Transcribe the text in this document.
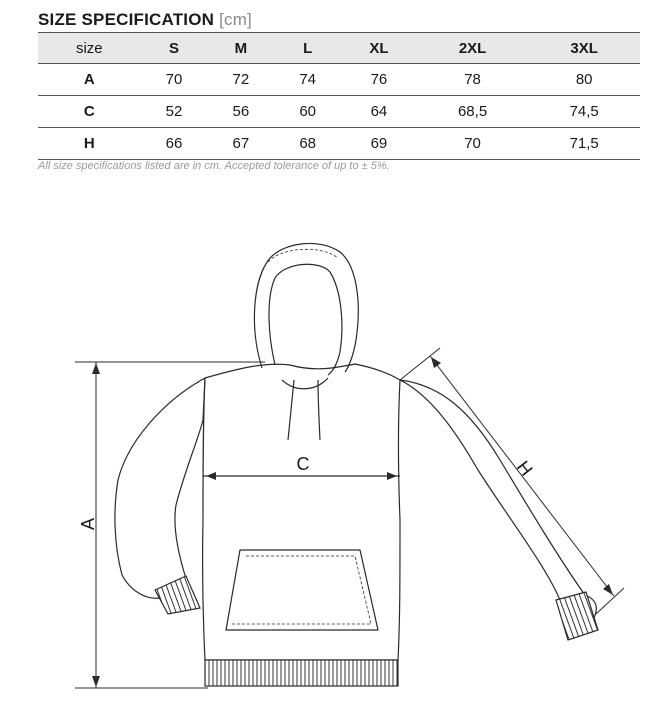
SIZE SPECIFICATION [cm]
size	S	M	L	XL	2XL	3XL
A	70	72	74	76	78	80
C	52	56	60	64	68,5	74,5
H	66	67	68	69	70	71,5
All size specifications listed are in cm. Accepted tolerance of up to ± 5%.
A
C	H
